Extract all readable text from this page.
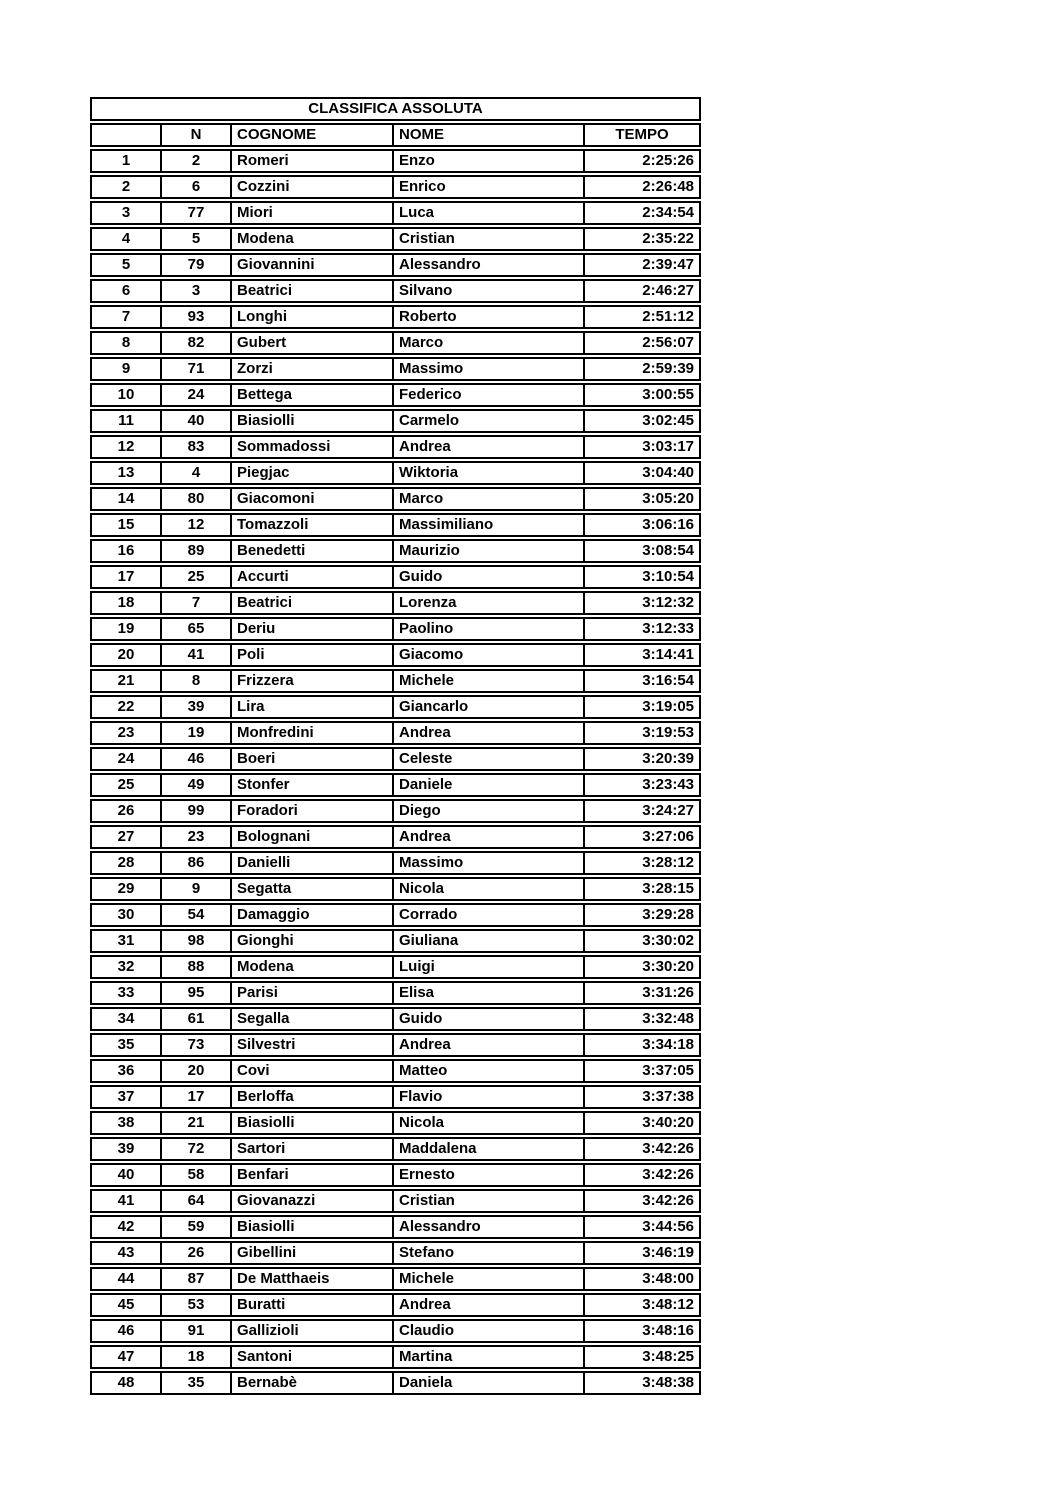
CLASSIFICA ASSOLUTA
N	COGNOME	NOME	TEMPO
1	2	Romeri	Enzo	2:25:26
2	6	Cozzini	Enrico	2:26:48
3	77	Miori	Luca	2:34:54
4	5	Modena	Cristian	2:35:22
5	79	Giovannini	Alessandro	2:39:47
6	3	Beatrici	Silvano	2:46:27
7	93	Longhi	Roberto	2:51:12
8	82	Gubert	Marco	2:56:07
9	71	Zorzi	Massimo	2:59:39
10	24	Bettega	Federico	3:00:55
11	40	Biasiolli	Carmelo	3:02:45
12	83	Sommadossi	Andrea	3:03:17
13	4	Piegjac	Wiktoria	3:04:40
14	80	Giacomoni	Marco	3:05:20
15	12	Tomazzoli	Massimiliano	3:06:16
16	89	Benedetti	Maurizio	3:08:54
17	25	Accurti	Guido	3:10:54
18	7	Beatrici	Lorenza	3:12:32
19	65	Deriu	Paolino	3:12:33
20	41	Poli	Giacomo	3:14:41
21	8	Frizzera	Michele	3:16:54
22	39	Lira	Giancarlo	3:19:05
23	19	Monfredini	Andrea	3:19:53
24	46	Boeri	Celeste	3:20:39
25	49	Stonfer	Daniele	3:23:43
26	99	Foradori	Diego	3:24:27
27	23	Bolognani	Andrea	3:27:06
28	86	Danielli	Massimo	3:28:12
29	9	Segatta	Nicola	3:28:15
30	54	Damaggio	Corrado	3:29:28
31	98	Gionghi	Giuliana	3:30:02
32	88	Modena	Luigi	3:30:20
33	95	Parisi	Elisa	3:31:26
34	61	Segalla	Guido	3:32:48
35	73	Silvestri	Andrea	3:34:18
36	20	Covi	Matteo	3:37:05
37	17	Berloffa	Flavio	3:37:38
38	21	Biasiolli	Nicola	3:40:20
39	72	Sartori	Maddalena	3:42:26
40	58	Benfari	Ernesto	3:42:26
41	64	Giovanazzi	Cristian	3:42:26
42	59	Biasiolli	Alessandro	3:44:56
43	26	Gibellini	Stefano	3:46:19
44	87	De Matthaeis	Michele	3:48:00
45	53	Buratti	Andrea	3:48:12
46	91	Gallizioli	Claudio	3:48:16
47	18	Santoni	Martina	3:48:25
48	35	Bernabè	Daniela	3:48:38
